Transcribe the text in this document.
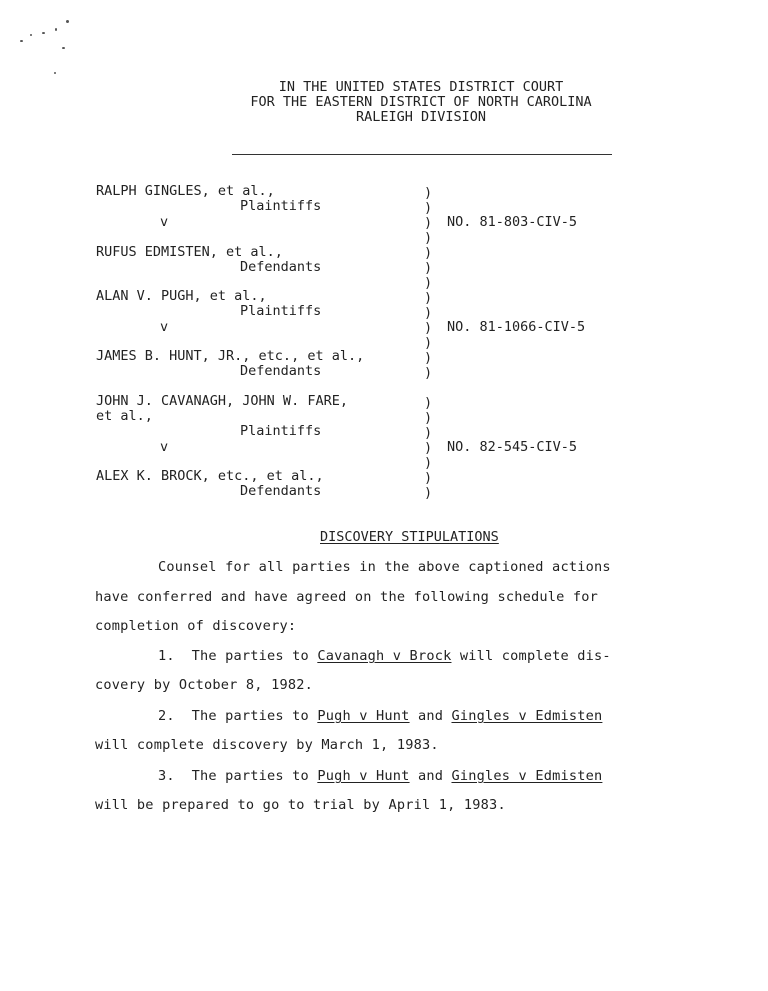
IN THE UNITED STATES DISTRICT COURT
FOR THE EASTERN DISTRICT OF NORTH CAROLINA
RALEIGH DIVISION
RALPH GINGLES, et al.,
Plaintiffs
v
RUFUS EDMISTEN, et al.,
Defendants
NO. 81-803-CIV-5
ALAN V. PUGH, et al.,
Plaintiffs
v
JAMES B. HUNT, JR., etc., et al.,
Defendants
NO. 81-1066-CIV-5
JOHN J. CAVANAGH, JOHN W. FARE,
et al.,
Plaintiffs
v
ALEX K. BROCK, etc., et al.,
Defendants
NO. 82-545-CIV-5
)
)
)
)
)
)
)
)
)
)
)
)
)
)
)
)
)
)
)
)
DISCOVERY STIPULATIONS
Counsel for all parties in the above captioned actions
have conferred and have agreed on the following schedule for
completion of discovery:
1. The parties to Cavanagh v Brock will complete dis-
covery by October 8, 1982.
2. The parties to Pugh v Hunt and Gingles v Edmisten
will complete discovery by March 1, 1983.
3. The parties to Pugh v Hunt and Gingles v Edmisten
will be prepared to go to trial by April 1, 1983.
